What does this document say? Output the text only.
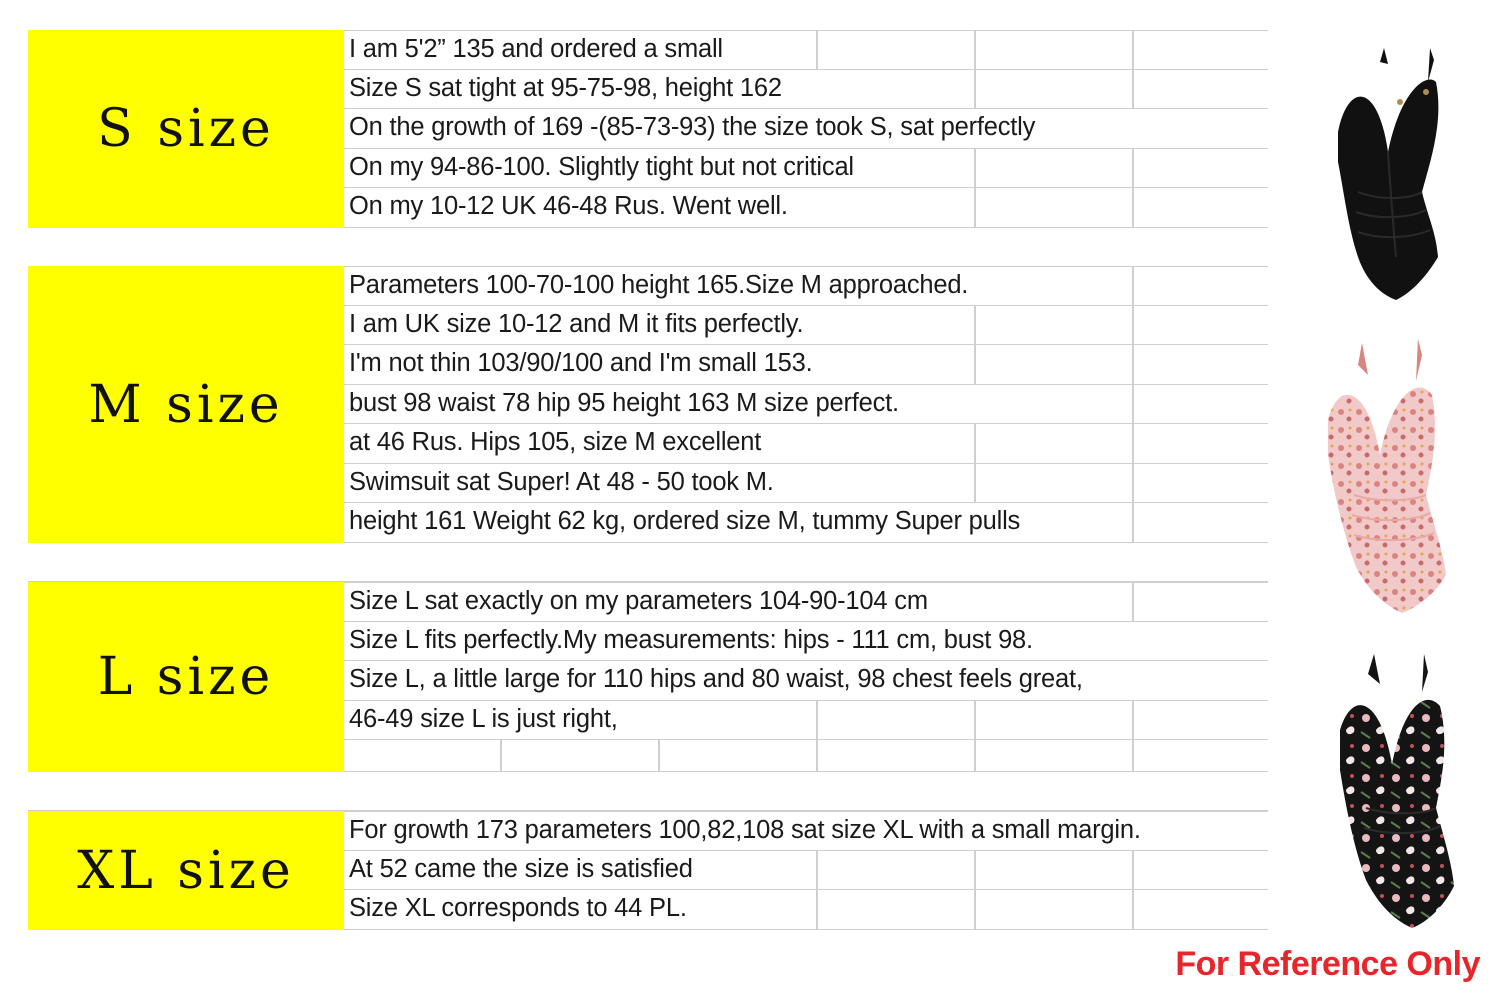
S size
I am 5'2” 135 and ordered a small
Size S sat tight at 95-75-98, height 162
On the growth of 169 -(85-73-93) the size took S, sat perfectly
On my 94-86-100. Slightly tight but not critical
On my 10-12 UK 46-48 Rus. Went well.
M size
Parameters 100-70-100 height 165.Size M approached.
I am UK size 10-12 and M it fits perfectly.
I'm not thin 103/90/100 and I'm small 153.
bust 98 waist 78 hip 95 height 163 M size perfect.
at 46 Rus. Hips 105, size M excellent
Swimsuit sat Super! At 48 - 50 took M.
height 161 Weight 62 kg, ordered size M, tummy Super pulls
L size
Size L sat exactly on my parameters 104-90-104 cm
Size L fits perfectly.My measurements: hips - 111 cm, bust 98.
Size L, a little large for 110 hips and 80 waist, 98 chest feels great,
46-49 size L is just right,
XL size
For growth 173 parameters 100,82,108 sat size XL with a small margin.
At 52 came the size is satisfied
Size XL corresponds to 44 PL.
For Reference Only
